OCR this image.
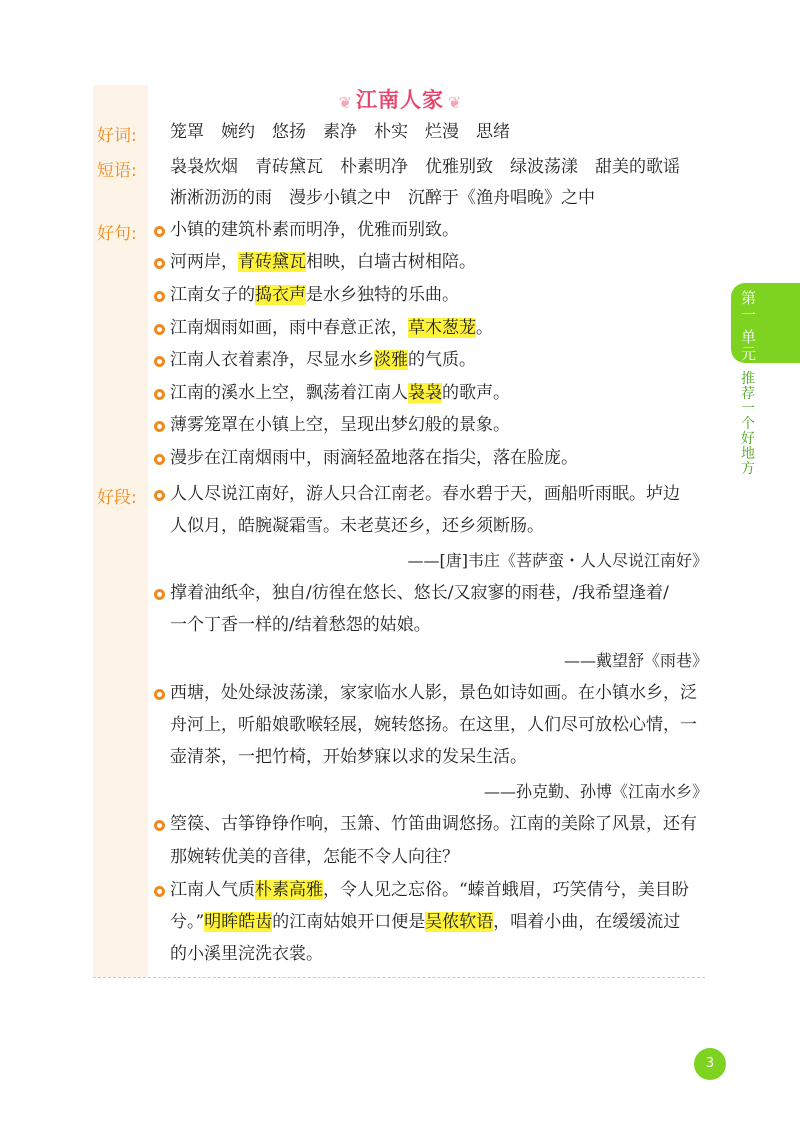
❦ 江南人家 ❦
好词: 笼罩　婉约　悠扬　素净　朴实　烂漫　思绪
短语: 袅袅炊烟　青砖黛瓦　朴素明净　优雅别致　绿波荡漾　甜美的歌谣
淅淅沥沥的雨　漫步小镇之中　沉醉于《渔舟唱晚》之中
好句: 小镇的建筑朴素而明净，优雅而别致。
河两岸，青砖黛瓦相映，白墙古树相陪。
江南女子的捣衣声是水乡独特的乐曲。
江南烟雨如画，雨中春意正浓，草木葱茏。
江南人衣着素净，尽显水乡淡雅的气质。
江南的溪水上空，飘荡着江南人袅袅的歌声。
薄雾笼罩在小镇上空，呈现出梦幻般的景象。
漫步在江南烟雨中，雨滴轻盈地落在指尖，落在脸庞。
好段: 人人尽说江南好，游人只合江南老。春水碧于天，画船听雨眠。垆边
人似月，皓腕凝霜雪。未老莫还乡，还乡须断肠。
——[唐]韦庄《菩萨蛮・人人尽说江南好》
撑着油纸伞，独自/彷徨在悠长、悠长/又寂寥的雨巷，/我希望逢着/
一个丁香一样的/结着愁怨的姑娘。
——戴望舒《雨巷》
西塘，处处绿波荡漾，家家临水人影，景色如诗如画。在小镇水乡，泛
舟河上，听船娘歌喉轻展，婉转悠扬。在这里，人们尽可放松心情，一
壶清茶，一把竹椅，开始梦寐以求的发呆生活。
——孙克勤、孙博《江南水乡》
箜篌、古筝铮铮作响，玉箫、竹笛曲调悠扬。江南的美除了风景，还有
那婉转优美的音律，怎能不令人向往？
江南人气质朴素高雅，令人见之忘俗。“螓首蛾眉，巧笑倩兮，美目盼
兮。”明眸皓齿的江南姑娘开口便是吴侬软语，唱着小曲，在缓缓流过
的小溪里浣洗衣裳。
第一
单元
推荐一个好地方
3
